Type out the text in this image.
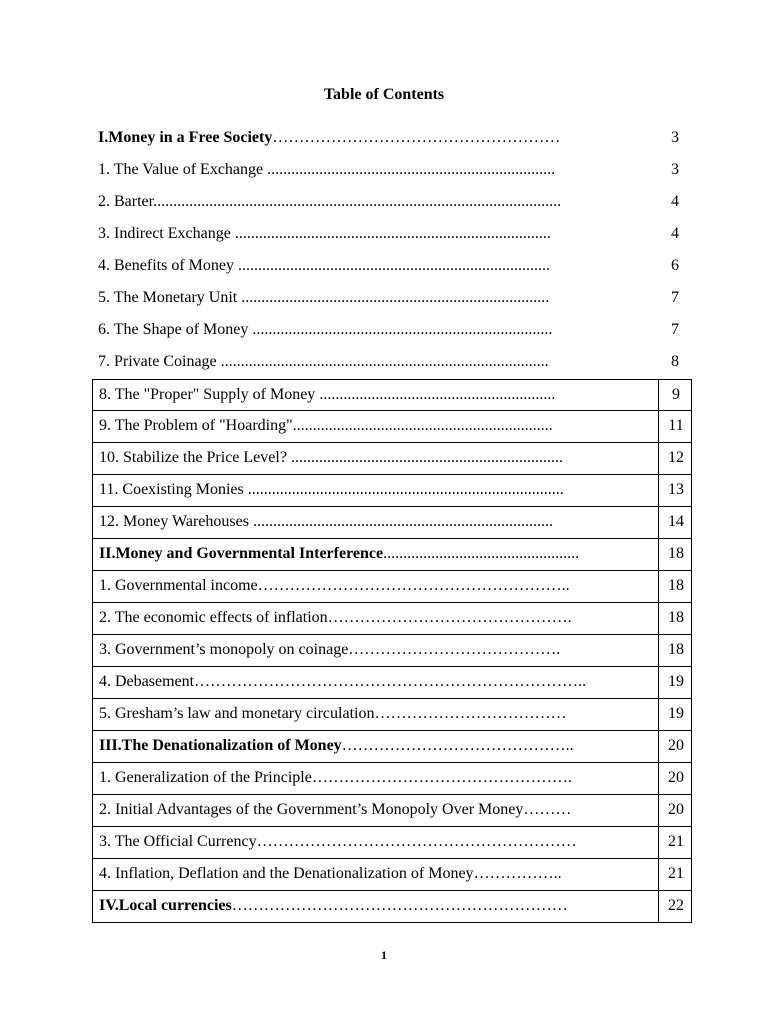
Table of Contents
I.Money in a Free Society………………………………………………	3
1. The Value of Exchange ........................................................................	3
2. Barter......................................................................................................	4
3. Indirect Exchange ...............................................................................	4
4. Benefits of Money ..............................................................................	6
5. The Monetary Unit .............................................................................	7
6. The Shape of Money ...........................................................................	7
7. Private Coinage ..................................................................................	8
8. The "Proper" Supply of Money ...........................................................	9
9. The Problem of "Hoarding".................................................................	11
10. Stabilize the Price Level? ....................................................................	12
11. Coexisting Monies ...............................................................................	13
12. Money Warehouses ...........................................................................	14
II.Money and Governmental Interference.................................................	18
1. Governmental income…………………………………………………..	18
2. The economic effects of inflation……………………………………….	18
3. Government’s monopoly on coinage………………………………….	18
4. Debasement………………………………………………………………..	19
5. Gresham’s law and monetary circulation………………………………	19
III.The Denationalization of Money……………………………………..	20
1. Generalization of the Principle………………………………………….	20
2. Initial Advantages of the Government’s Monopoly Over Money………	20
3. The Official Currency……………………………………………………	21
4. Inflation, Deflation and the Denationalization of Money……………..	21
IV.Local currencies………………………………………………………	22
1
